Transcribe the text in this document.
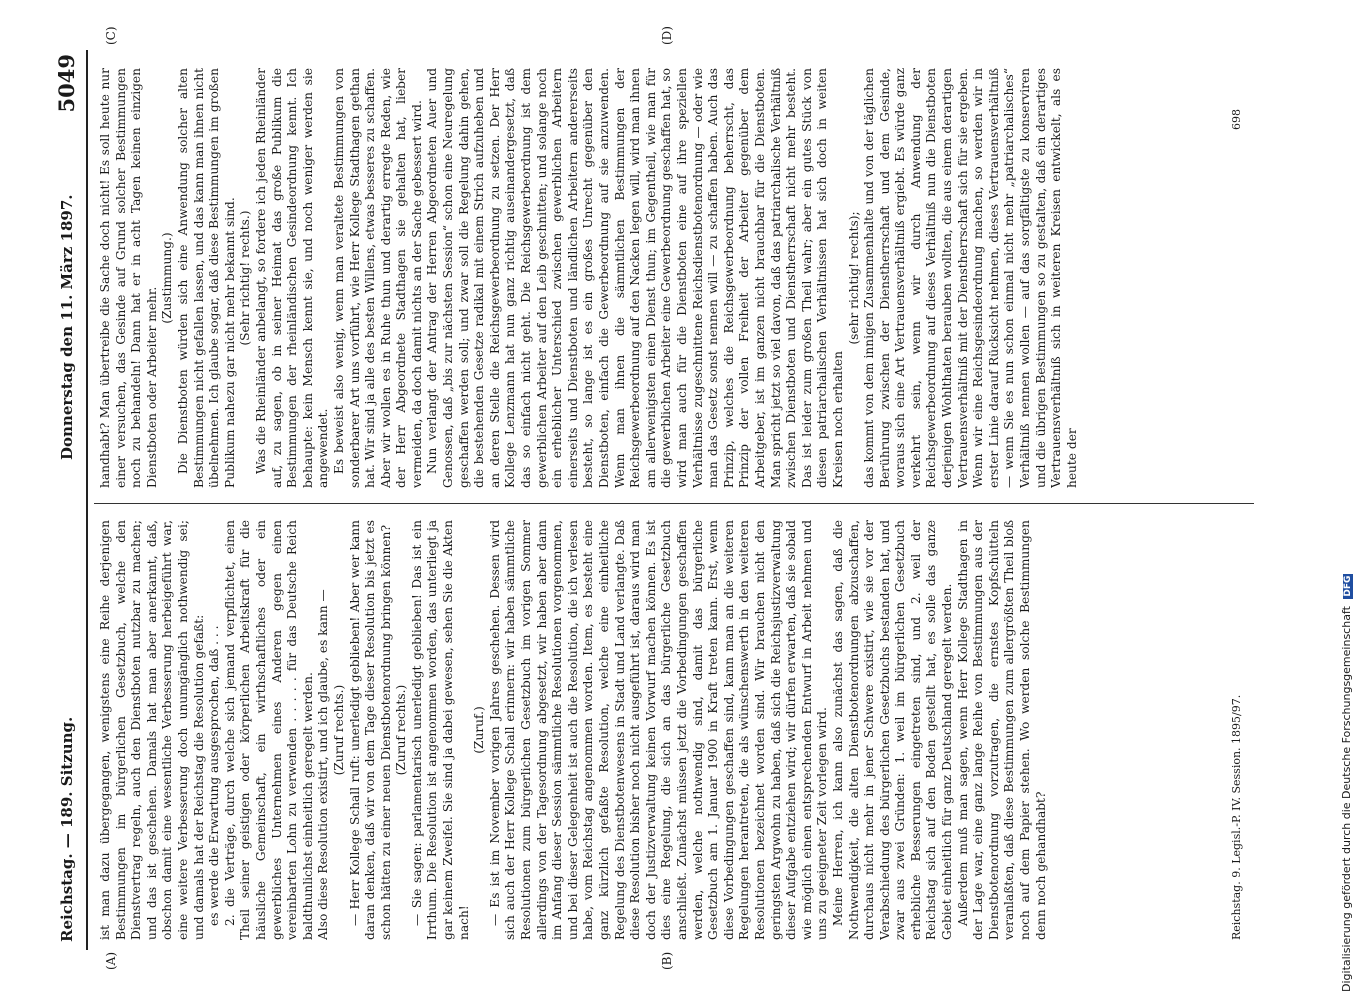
Reichstag. — 189. Sitzung.
Donnerstag den 11. März 1897.
5049
(A)	(B)
(C)	(D)

ist man dazu übergegangen, wenigstens eine Reihe derjenigen Bestimmungen im bürgerlichen Gesetzbuch, welche den Dienstvertrag regeln, auch den Dienstboten nutzbar zu machen; und das ist geschehen. Damals hat man aber anerkannt, daß, obschon damit eine wesentliche Verbesserung herbeigeführt war, eine weitere Verbesserung doch unumgänglich nothwendig sei; und damals hat der Reichstag die Resolution gefaßt: es werde die Erwartung ausgesprochen, daß . . . 2. die Verträge, durch welche sich jemand verpflichtet, einen Theil seiner geistigen oder körperlichen Arbeitskraft für die häusliche Gemeinschaft, ein wirthschaftliches oder ein gewerbliches Unternehmen eines Anderen gegen einen vereinbarten Lohn zu verwenden . . . . . für das Deutsche Reich baldthunlichst einheitlich geregelt werden. Also diese Resolution existirt, und ich glaube, es kann — (Zuruf rechts.) — Herr Kollege Schall ruft: unerledigt geblieben! Aber wer kann daran denken, daß wir von dem Tage dieser Resolution bis jetzt es schon hätten zu einer neuen Dienstbotenordnung bringen können? (Zuruf rechts.) — Sie sagen: parlamentarisch unerledigt geblieben! Das ist ein Irrthum. Die Resolution ist angenommen worden, das unterliegt ja gar keinem Zweifel. Sie sind ja dabei gewesen, sehen Sie die Akten nach!

(Zuruf.) — Es ist im November vorigen Jahres geschehen. Dessen wird sich auch der Herr Kollege Schall erinnern: wir haben sämmtliche Resolutionen zum bürgerlichen Gesetzbuch im vorigen Sommer allerdings von der Tagesordnung abgesetzt, wir haben aber dann im Anfang dieser Session sämmtliche Resolutionen vorgenommen, und bei dieser Gelegenheit ist auch die Resolution, die ich verlesen habe, vom Reichstag angenommen worden. Item, es besteht eine ganz kürzlich gefaßte Resolution, welche eine einheitliche Regelung des Dienstbotenwesens in Stadt und Land verlangte. Daß diese Resolution bisher noch nicht ausgeführt ist, daraus wird man doch der Justizverwaltung keinen Vorwurf machen können. Es ist dies eine Regelung, die sich an das bürgerliche Gesetzbuch anschließt. Zunächst müssen jetzt die Vorbedingungen geschaffen werden, welche nothwendig sind, damit das bürgerliche Gesetzbuch am 1. Januar 1900 in Kraft treten kann. Erst, wenn diese Vorbedingungen geschaffen sind, kann man an die weiteren Regelungen herantreten, die als wünschenswerth in den weiteren Resolutionen bezeichnet worden sind. Wir brauchen nicht den geringsten Argwohn zu haben, daß sich die Reichsjustizverwaltung dieser Aufgabe entziehen wird; wir dürfen erwarten, daß sie sobald wie möglich einen entsprechenden Entwurf in Arbeit nehmen und uns zu geeigneter Zeit vorlegen wird. Meine Herren, ich kann also zunächst das sagen, daß die Nothwendigkeit, die alten Dienstbotenordnungen abzuschaffen, durchaus nicht mehr in jener Schwere existirt, wie sie vor der Verabschiedung des bürgerlichen Gesetzbuchs bestanden hat, und zwar aus zwei Gründen: 1. weil im bürgerlichen Gesetzbuch erhebliche Besserungen eingetreten sind, und 2. weil der Reichstag sich auf den Boden gestellt hat, es solle das ganze Gebiet einheitlich für ganz Deutschland geregelt werden. Außerdem muß man sagen, wenn Herr Kollege Stadthagen in der Lage war, eine ganz lange Reihe von Bestimmungen aus der Dienstbotenordnung vorzutragen, die ernstes Kopfschütteln veranlaßten, daß diese Bestimmungen zum allergrößten Theil bloß noch auf dem Papier stehen. Wo werden solche Bestimmungen denn noch gehandhabt?

handhabt? Man übertreibe die Sache doch nicht! Es soll heute nur einer versuchen, das Gesinde auf Grund solcher Bestimmungen noch zu behandeln! Dann hat er in acht Tagen keinen einzigen Dienstboten oder Arbeiter mehr.

(Zustimmung.) Die Dienstboten würden sich eine Anwendung solcher alten Bestimmungen nicht gefallen lassen, und das kann man ihnen nicht übelnehmen. Ich glaube sogar, daß diese Bestimmungen im großen Publikum nahezu gar nicht mehr bekannt sind. (Sehr richtig! rechts.) Was die Rheinländer anbelangt, so fordere ich jeden Rheinländer auf, zu sagen, ob in seiner Heimat das große Publikum die Bestimmungen der rheinländischen Gesindeordnung kennt. Ich behaupte: kein Mensch kennt sie, und noch weniger werden sie angewendet. Es beweist also wenig, wenn man veraltete Bestimmungen von sonderbarer Art uns vorführt, wie Herr Kollege Stadthagen gethan hat. Wir sind ja alle des besten Willens, etwas besseres zu schaffen. Aber wir wollen es in Ruhe thun und derartig erregte Reden, wie der Herr Abgeordnete Stadthagen sie gehalten hat, lieber vermeiden, da doch damit nichts an der Sache gebessert wird. Nun verlangt der Antrag der Herren Abgeordneten Auer und Genossen, daß „bis zur nächsten Session“ schon eine Neuregelung geschaffen werden soll; und zwar soll die Regelung dahin gehen, die bestehenden Gesetze radikal mit einem Strich aufzuheben und an deren Stelle die Reichsgewerbeordnung zu setzen. Der Herr Kollege Lenzmann hat nun ganz richtig auseinandergesetzt, daß das so einfach nicht geht. Die Reichsgewerbeordnung ist dem gewerblichen Arbeiter auf den Leib geschnitten; und solange noch ein erheblicher Unterschied zwischen gewerblichen Arbeitern einerseits und Dienstboten und ländlichen Arbeitern andererseits besteht, so lange ist es ein großes Unrecht gegenüber den Dienstboten, einfach die Gewerbeordnung auf sie anzuwenden. Wenn man ihnen die sämmtlichen Bestimmungen der Reichsgewerbeordnung auf den Nacken legen will, wird man ihnen am allerwenigsten einen Dienst thun; im Gegentheil, wie man für die gewerblichen Arbeiter eine Gewerbeordnung geschaffen hat, so wird man auch für die Dienstboten eine auf ihre speziellen Verhältnisse zugeschnittene Reichsdienstbotenordnung — oder wie man das Gesetz sonst nennen will — zu schaffen haben. Auch das Prinzip, welches die Reichsgewerbeordnung beherrscht, das Prinzip der vollen Freiheit der Arbeiter gegenüber dem Arbeitgeber, ist im ganzen nicht brauchbar für die Dienstboten. Man spricht jetzt so viel davon, daß das patriarchalische Verhältniß zwischen Dienstboten und Dienstherrschaft nicht mehr besteht. Das ist leider zum großen Theil wahr; aber ein gutes Stück von diesen patriarchalischen Verhältnissen hat sich doch in weiten Kreisen noch erhalten

(sehr richtig! rechts); das kommt von dem innigen Zusammenhalte und von der täglichen Berührung zwischen der Dienstherrschaft und dem Gesinde, woraus sich eine Art Vertrauensverhältniß ergiebt. Es würde ganz verkehrt sein, wenn wir durch Anwendung der Reichsgewerbeordnung auf dieses Verhältniß nun die Dienstboten derjenigen Wohlthaten berauben wollten, die aus einem derartigen Vertrauensverhältniß mit der Dienstherrschaft sich für sie ergeben. Wenn wir eine Reichsgesindeordnung machen, so werden wir in erster Linie darauf Rücksicht nehmen, dieses Vertrauensverhältniß — wenn Sie es nun schon einmal nicht mehr „patriarchalisches“ Verhältniß nennen wollen — auf das sorgfältigste zu konserviren und die übrigen Bestimmungen so zu gestalten, daß ein derartiges Vertrauensverhältniß sich in weiteren Kreisen entwickelt, als es heute der

Reichstag. 9. Legisl.-P. IV. Session. 1895/97.
698
Digitalisierung gefördert durch die Deutsche Forschungsgemeinschaft DFG
